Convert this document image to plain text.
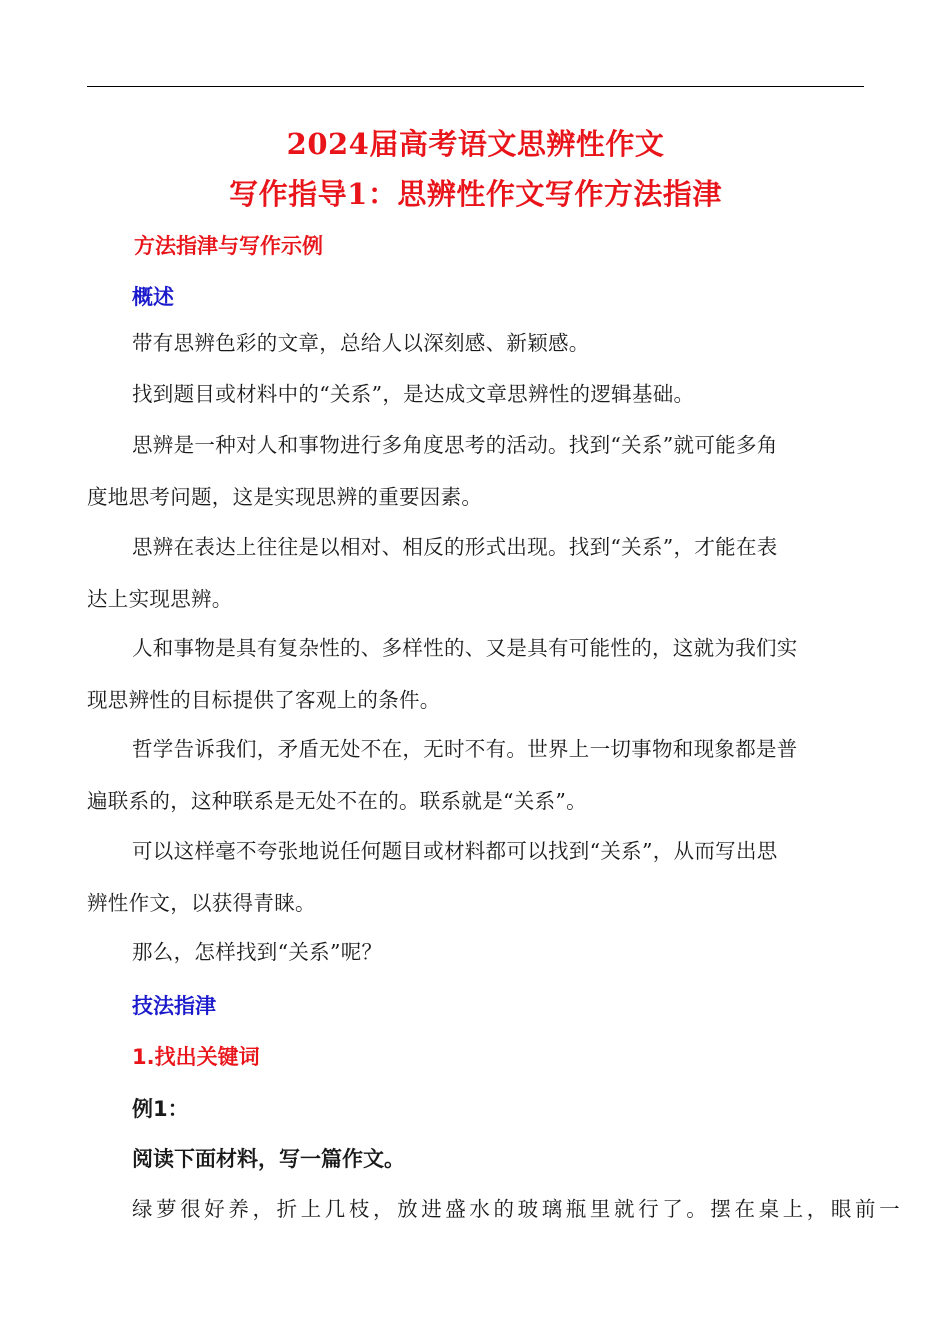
2024届高考语文思辨性作文
写作指导1：思辨性作文写作方法指津
方法指津与写作示例
概述
带有思辨色彩的文章，总给人以深刻感、新颖感。
找到题目或材料中的“关系”，是达成文章思辨性的逻辑基础。
思辨是一种对人和事物进行多角度思考的活动。找到“关系”就可能多角
度地思考问题，这是实现思辨的重要因素。
思辨在表达上往往是以相对、相反的形式出现。找到“关系”，才能在表
达上实现思辨。
人和事物是具有复杂性的、多样性的、又是具有可能性的，这就为我们实
现思辨性的目标提供了客观上的条件。
哲学告诉我们，矛盾无处不在，无时不有。世界上一切事物和现象都是普
遍联系的，这种联系是无处不在的。联系就是“关系”。
可以这样毫不夸张地说任何题目或材料都可以找到“关系”，从而写出思
辨性作文，以获得青睐。
那么，怎样找到“关系”呢？
技法指津
1.找出关键词
例1：
阅读下面材料，写一篇作文。
绿萝很好养，折上几枝，放进盛水的玻璃瓶里就行了。摆在桌上，眼前一
